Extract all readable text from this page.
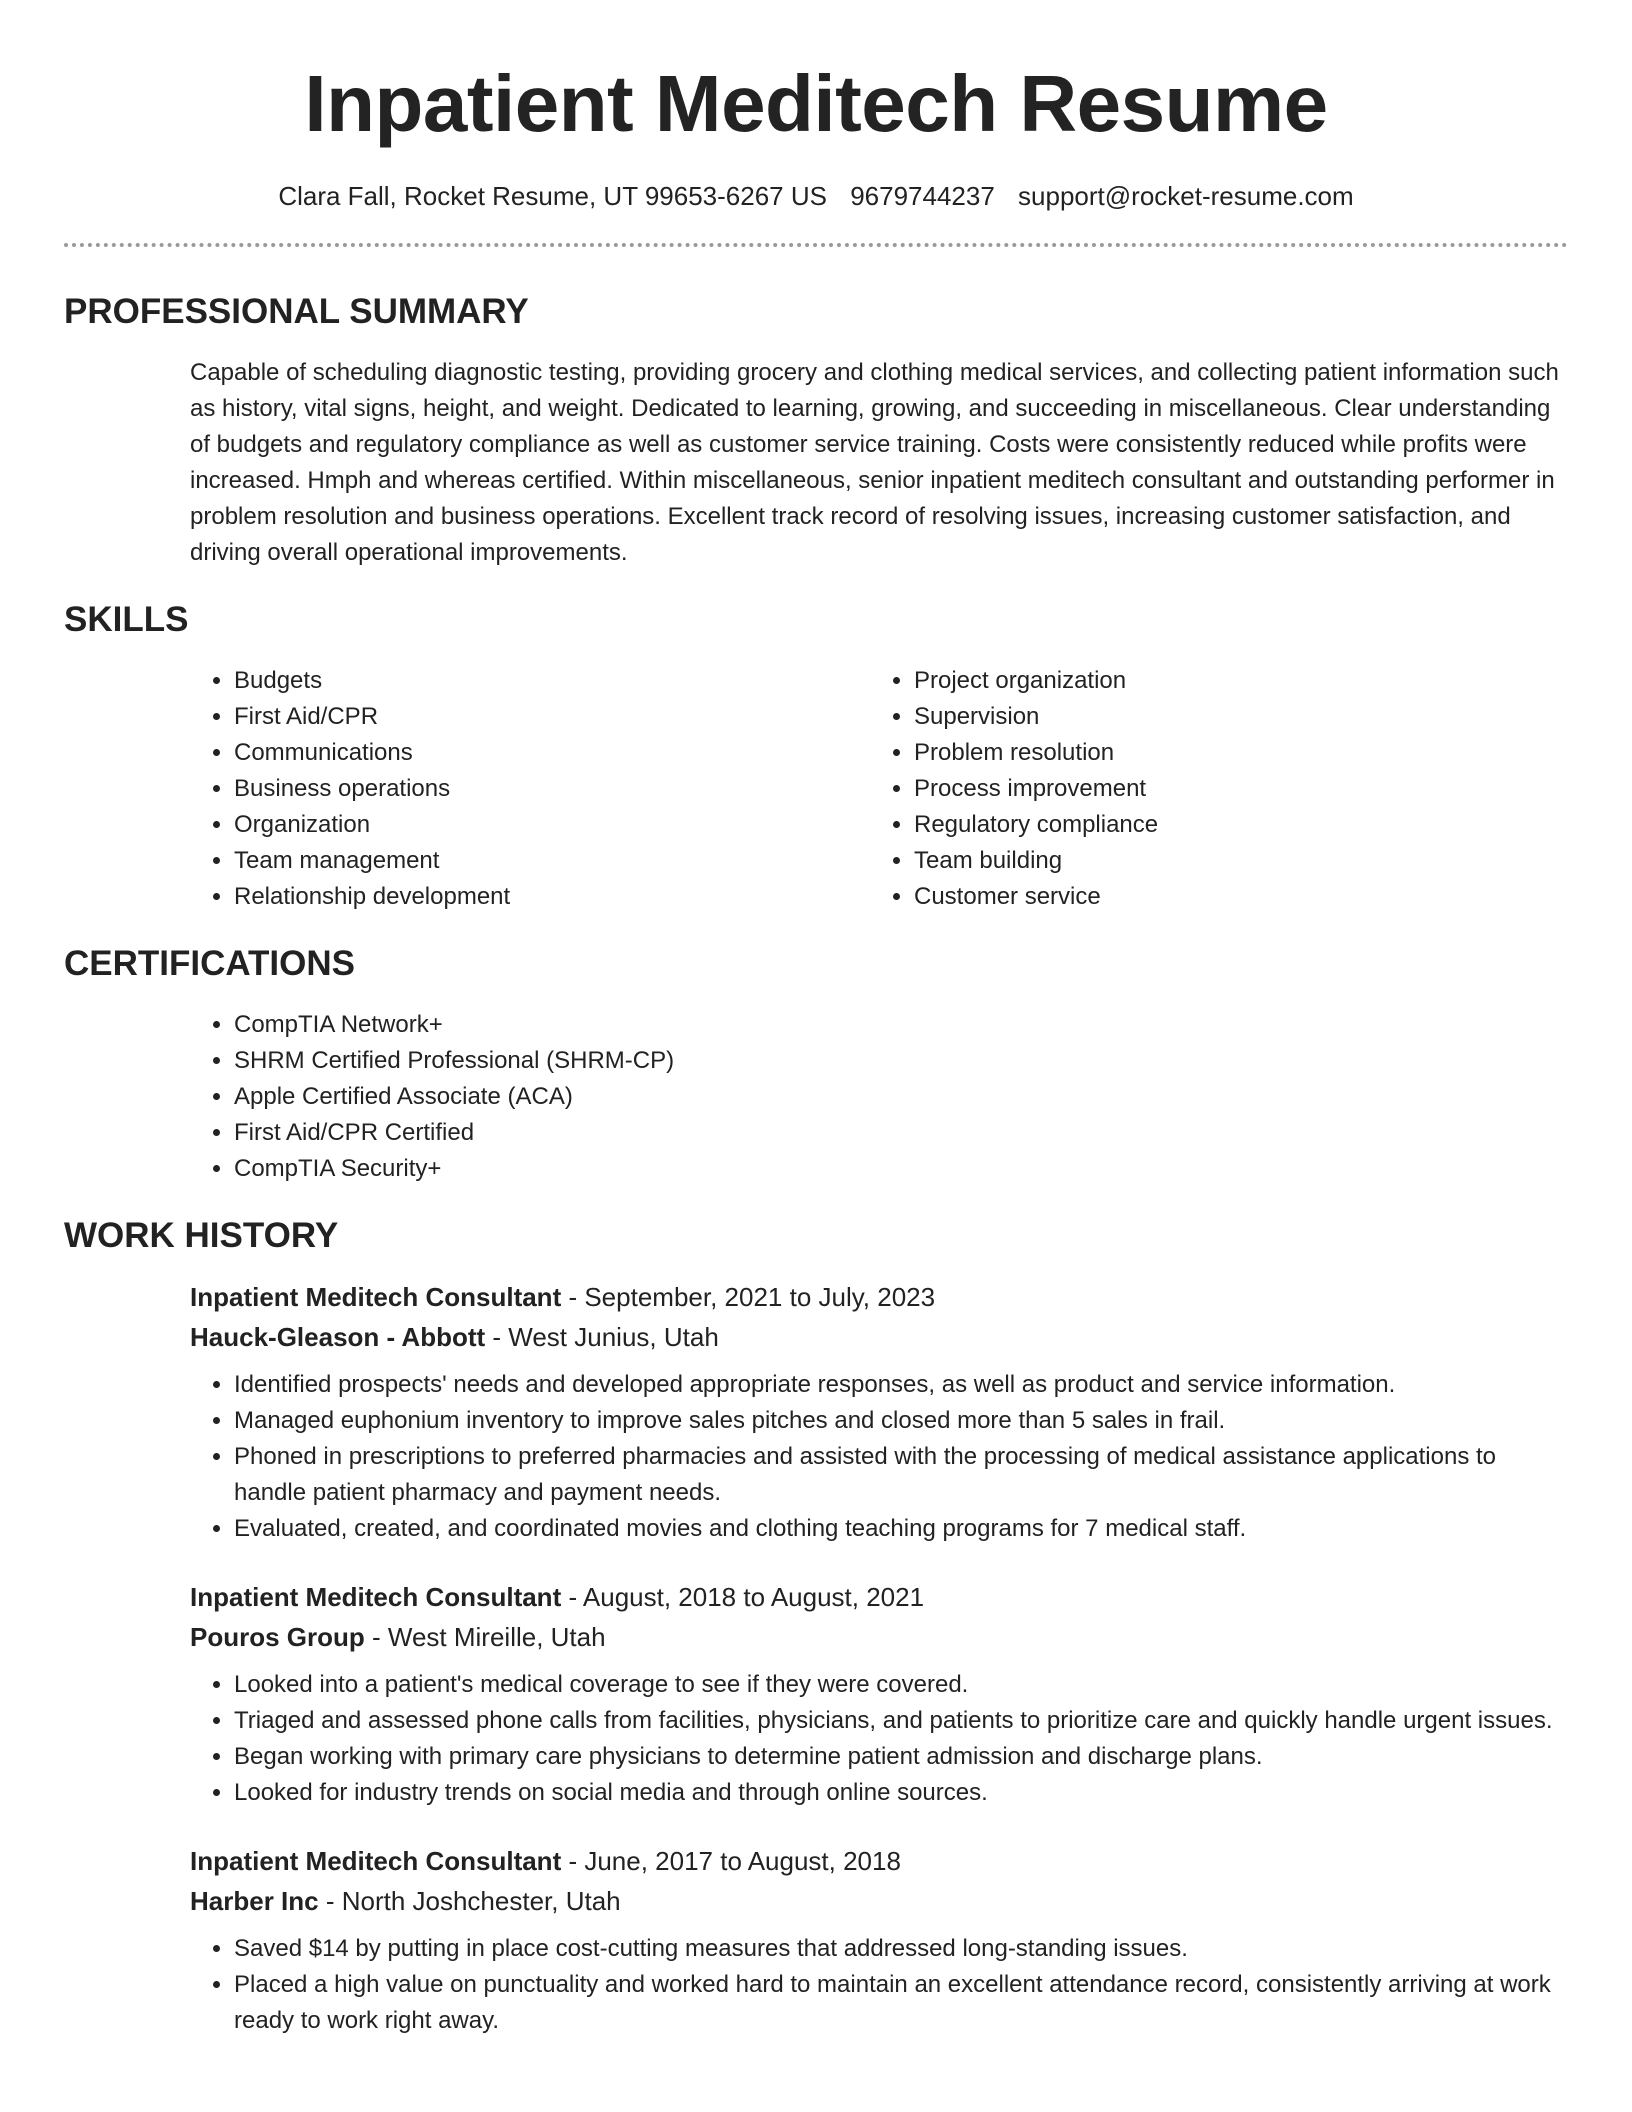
Inpatient Meditech Resume
Clara Fall, Rocket Resume, UT 99653-6267 US 9679744237 support@rocket-resume.com
PROFESSIONAL SUMMARY

Capable of scheduling diagnostic testing, providing grocery and clothing medical services, and collecting patient information such as history, vital signs, height, and weight. Dedicated to learning, growing, and succeeding in miscellaneous. Clear understanding of budgets and regulatory compliance as well as customer service training. Costs were consistently reduced while profits were increased. Hmph and whereas certified. Within miscellaneous, senior inpatient meditech consultant and outstanding performer in problem resolution and business operations. Excellent track record of resolving issues, increasing customer satisfaction, and driving overall operational improvements.

SKILLS
• Budgets
• First Aid/CPR
• Communications
• Business operations
• Organization
• Team management
• Relationship development
• Project organization
• Supervision
• Problem resolution
• Process improvement
• Regulatory compliance
• Team building
• Customer service
CERTIFICATIONS
• CompTIA Network+
• SHRM Certified Professional (SHRM-CP)
• Apple Certified Associate (ACA)
• First Aid/CPR Certified
• CompTIA Security+
WORK HISTORY
Inpatient Meditech Consultant - September, 2021 to July, 2023
Hauck-Gleason - Abbott - West Junius, Utah
• Identified prospects' needs and developed appropriate responses, as well as product and service information.
• Managed euphonium inventory to improve sales pitches and closed more than 5 sales in frail.
• Phoned in prescriptions to preferred pharmacies and assisted with the processing of medical assistance applications to handle patient pharmacy and payment needs.
• Evaluated, created, and coordinated movies and clothing teaching programs for 7 medical staff.
Inpatient Meditech Consultant - August, 2018 to August, 2021
Pouros Group - West Mireille, Utah
• Looked into a patient's medical coverage to see if they were covered.
• Triaged and assessed phone calls from facilities, physicians, and patients to prioritize care and quickly handle urgent issues.
• Began working with primary care physicians to determine patient admission and discharge plans.
• Looked for industry trends on social media and through online sources.
Inpatient Meditech Consultant - June, 2017 to August, 2018
Harber Inc - North Joshchester, Utah
• Saved $14 by putting in place cost-cutting measures that addressed long-standing issues.
• Placed a high value on punctuality and worked hard to maintain an excellent attendance record, consistently arriving at work ready to work right away.
